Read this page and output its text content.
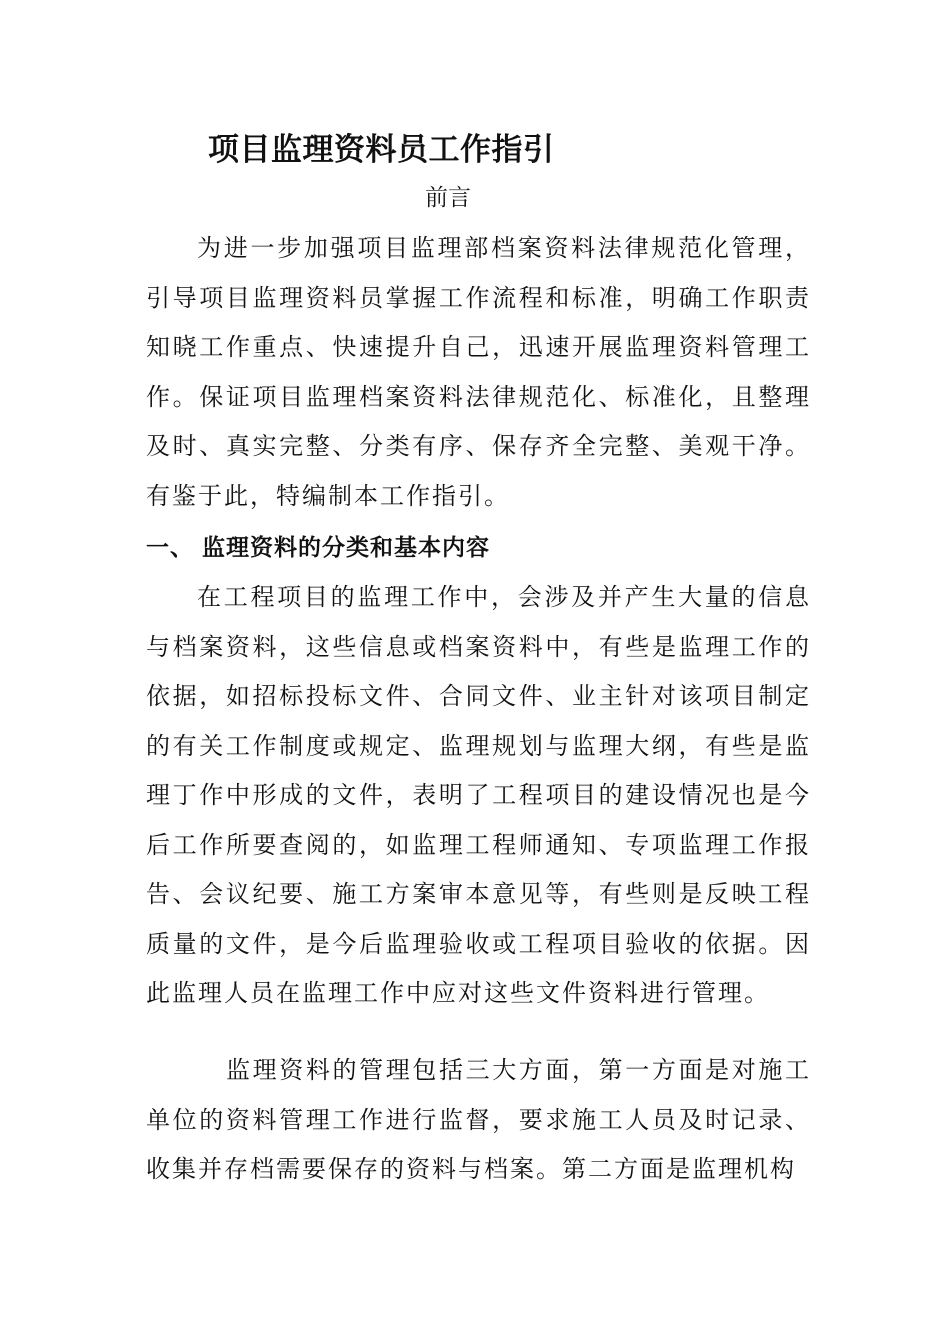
项目监理资料员工作指引
前言

为进一步加强项目监理部档案资料法律规范化管理，引导项目监理资料员掌握工作流程和标准，明确工作职责知晓工作重点、快速提升自己，迅速开展监理资料管理工作。保证项目监理档案资料法律规范化、标准化，且整理及时、真实完整、分类有序、保存齐全完整、美观干净。有鉴于此，特编制本工作指引。

一、 监理资料的分类和基本内容

在工程项目的监理工作中，会涉及并产生大量的信息与档案资料，这些信息或档案资料中，有些是监理工作的依据，如招标投标文件、合同文件、业主针对该项目制定的有关工作制度或规定、监理规划与监理大纲，有些是监理丁作中形成的文件，表明了工程项目的建设情况也是今后工作所要查阅的，如监理工程师通知、专项监理工作报告、会议纪要、施工方案审本意见等，有些则是反映工程质量的文件，是今后监理验收或工程项目验收的依据。因此监理人员在监理工作中应对这些文件资料进行管理。

监理资料的管理包括三大方面，第一方面是对施工单位的资料管理工作进行监督，要求施工人员及时记录、收集并存档需要保存的资料与档案。第二方面是监理机构
